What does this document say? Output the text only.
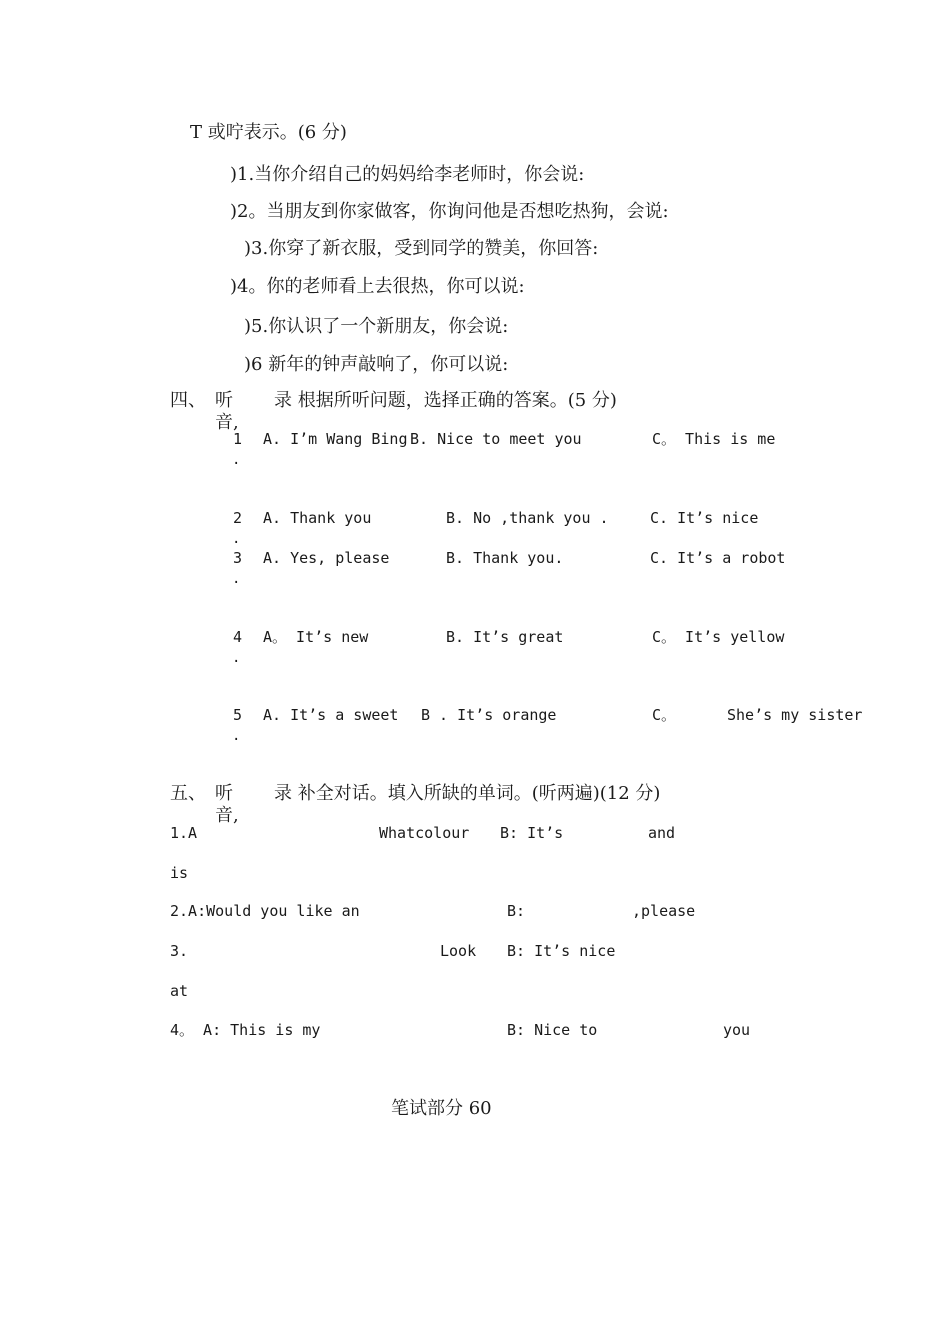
T 或咛表示。(6 分)
)1.当你介绍自己的妈妈给李老师时，你会说:
)2。当朋友到你家做客，你询问他是否想吃热狗，会说:
)3.你穿了新衣服，受到同学的赞美，你回答:
)4。你的老师看上去很热，你可以说:
)5.你认识了一个新朋友，你会说:
)6 新年的钟声敲响了，你可以说:
四、 听
音,
录 根据所听问题，选择正确的答案。(5 分)
1
.
A. I’m Wang Bing B. Nice to meet you	C。 This is me
2
.
A. Thank you	B. No ,thank you .	C. It’s nice
3
.
A. Yes, please	B. Thank you.	C. It’s a robot
4
.
A。 It’s new	B. It’s great	C。 It’s yellow
5
.
A. It’s a sweet B . It’s orange	C。	She’s my sister
五、 听
音,
录 补全对话。填入所缺的单词。(听两遍)(12 分)
1.A	Whatcolour B: It’s	and
is
2.A:Would you like an	B:	,please
3.	Look B: It’s nice
at
4。 A: This is my	B: Nice to	you
笔试部分 60
